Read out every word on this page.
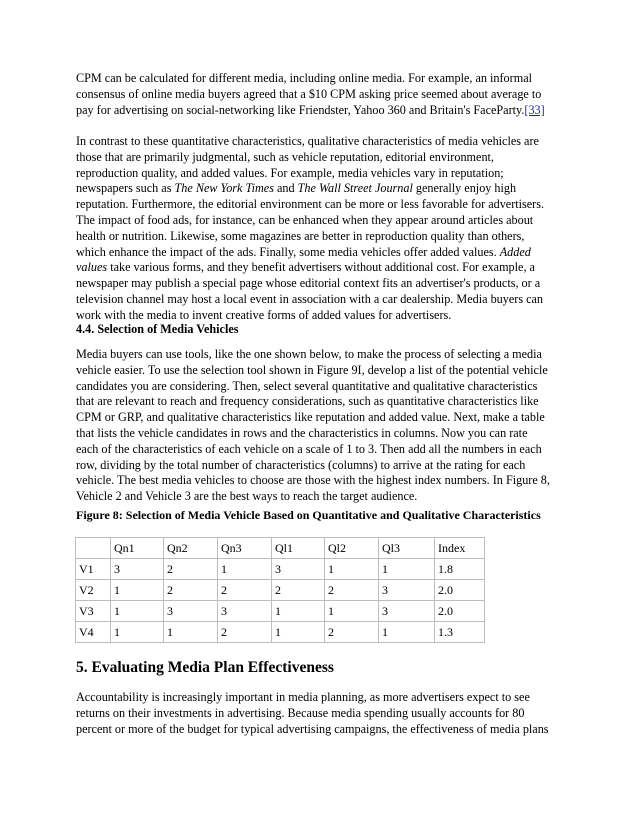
CPM can be calculated for different media, including online media. For example, an informal
consensus of online media buyers agreed that a $10 CPM asking price seemed about average to
pay for advertising on social-networking like Friendster, Yahoo 360 and Britain's FaceParty.[33]

In contrast to these quantitative characteristics, qualitative characteristics of media vehicles are
those that are primarily judgmental, such as vehicle reputation, editorial environment,
reproduction quality, and added values. For example, media vehicles vary in reputation;
newspapers such as The New York Times and The Wall Street Journal generally enjoy high
reputation. Furthermore, the editorial environment can be more or less favorable for advertisers.
The impact of food ads, for instance, can be enhanced when they appear around articles about
health or nutrition. Likewise, some magazines are better in reproduction quality than others,
which enhance the impact of the ads. Finally, some media vehicles offer added values. Added
values take various forms, and they benefit advertisers without additional cost. For example, a
newspaper may publish a special page whose editorial context fits an advertiser's products, or a
television channel may host a local event in association with a car dealership. Media buyers can
work with the media to invent creative forms of added values for advertisers.

4.4. Selection of Media Vehicles

Media buyers can use tools, like the one shown below, to make the process of selecting a media
vehicle easier. To use the selection tool shown in Figure 9I, develop a list of the potential vehicle
candidates you are considering. Then, select several quantitative and qualitative characteristics
that are relevant to reach and frequency considerations, such as quantitative characteristics like
CPM or GRP, and qualitative characteristics like reputation and added value. Next, make a table
that lists the vehicle candidates in rows and the characteristics in columns. Now you can rate
each of the characteristics of each vehicle on a scale of 1 to 3. Then add all the numbers in each
row, dividing by the total number of characteristics (columns) to arrive at the rating for each
vehicle. The best media vehicles to choose are those with the highest index numbers. In Figure 8,
Vehicle 2 and Vehicle 3 are the best ways to reach the target audience.

Figure 8: Selection of Media Vehicle Based on Quantitative and Qualitative Characteristics
	Qn1	Qn2	Qn3	Ql1	Ql2	Ql3	Index
V1	3	2	1	3	1	1	1.8
V2	1	2	2	2	2	3	2.0
V3	1	3	3	1	1	3	2.0
V4	1	1	2	1	2	1	1.3
5. Evaluating Media Plan Effectiveness

Accountability is increasingly important in media planning, as more advertisers expect to see
returns on their investments in advertising. Because media spending usually accounts for 80
percent or more of the budget for typical advertising campaigns, the effectiveness of media plans
